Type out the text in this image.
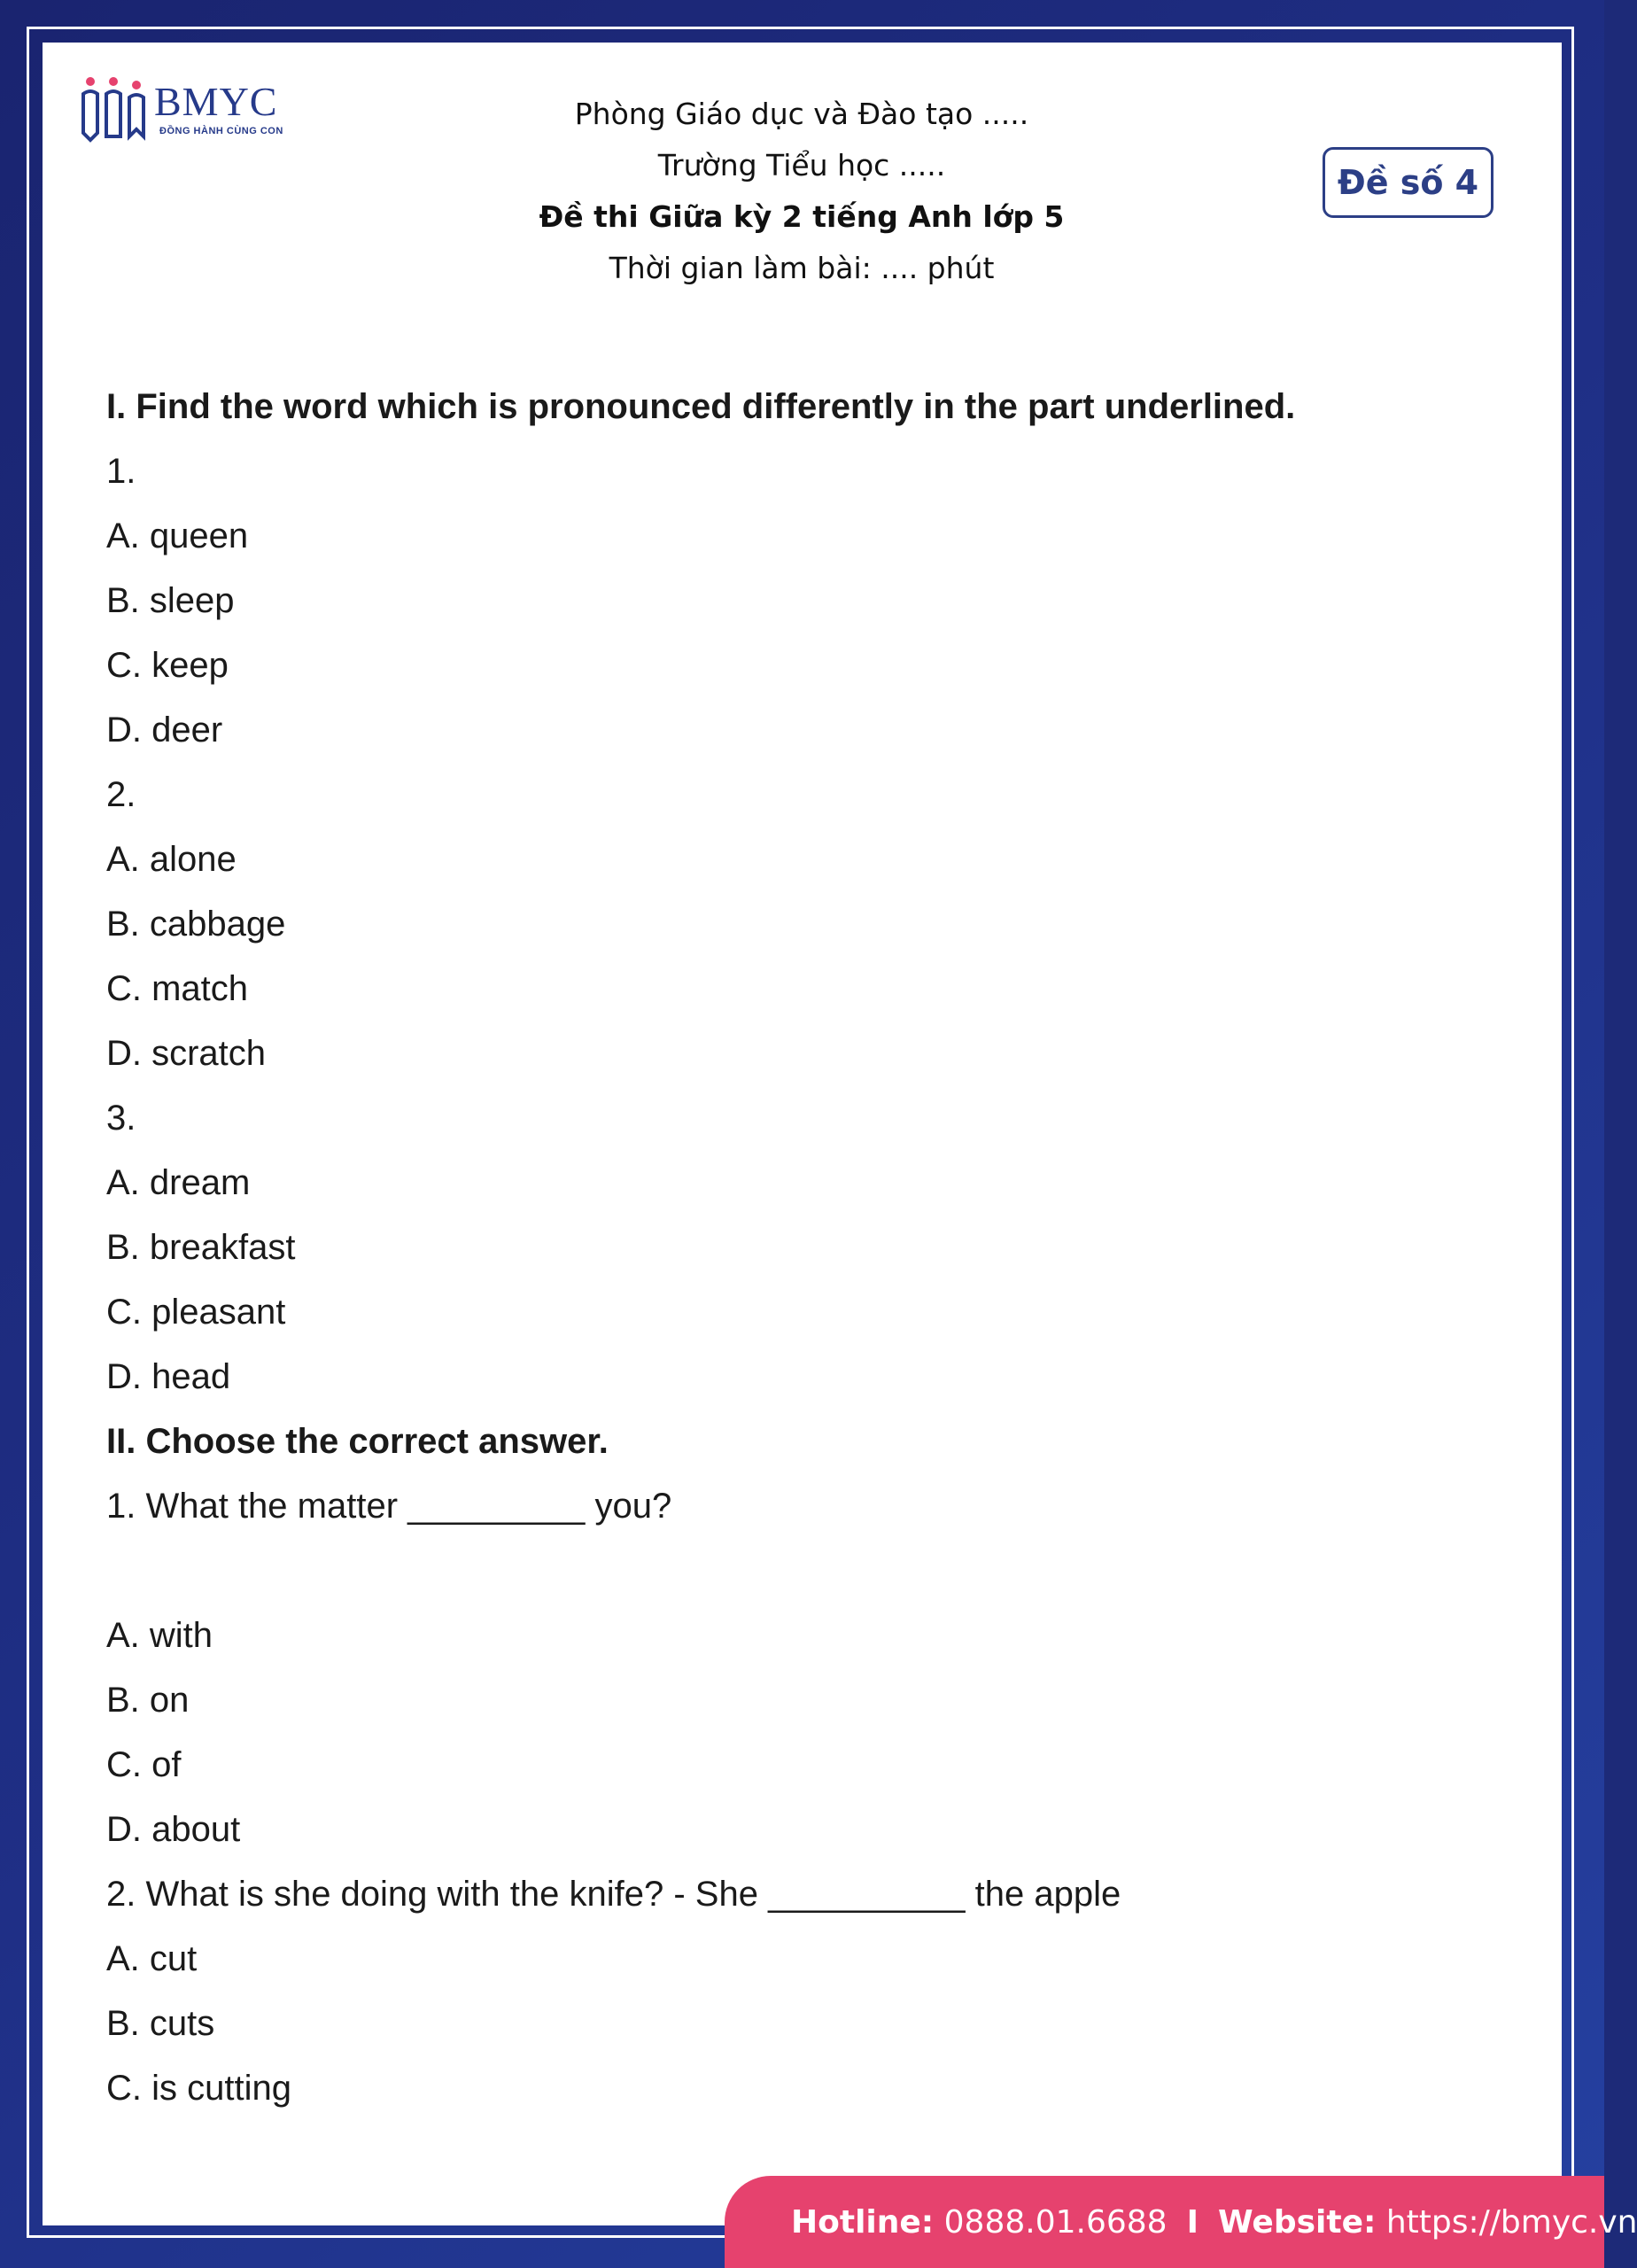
BMYC
ĐỒNG HÀNH CÙNG CON	Phòng Giáo dục và Đào tạo .....
Trường Tiểu học .....
Đề thi Giữa kỳ 2 tiếng Anh lớp 5
Thời gian làm bài: .... phút
Đề số 4
I. Find the word which is pronounced differently in the part underlined.
1.
A. queen
B. sleep
C. keep
D. deer
2.
A. alone
B. cabbage
C. match
D. scratch
3.
A. dream
B. breakfast
C. pleasant
D. head
II. Choose the correct answer.
1. What the matter _________ you?
A. with
B. on
C. of
D. about
2. What is she doing with the knife? - She __________ the apple
A. cut
B. cuts
C. is cutting
Hotline:
0888.01.6688 I Website:
https://bmyc.vn
